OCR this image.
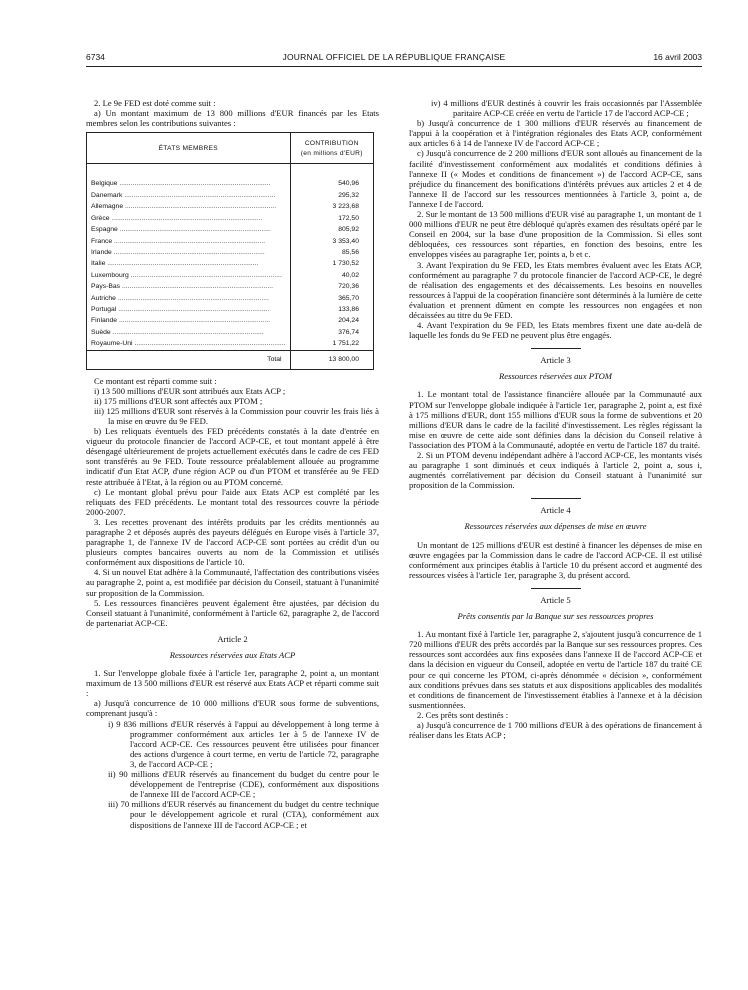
6734	JOURNAL OFFICIEL DE LA RÉPUBLIQUE FRANÇAISE	16 avril 2003

2. Le 9e FED est doté comme suit :

a) Un montant maximum de 13 800 millions d'EUR financés par les Etats membres selon les contributions suivantes :

ÉTATS MEMBRES	CONTRIBUTION
(en millions d'EUR)

Belgique ................................................................................	540,96
Danemark ................................................................................	295,32
Allemagne ................................................................................	3 223,68
Grèce ................................................................................	172,50
Espagne ................................................................................	805,92
France ................................................................................	3 353,40
Irlande ................................................................................	85,56
Italie ................................................................................	1 730,52
Luxembourg ................................................................................	40,02
Pays-Bas ................................................................................	720,36
Autriche ................................................................................	365,70
Portugal ................................................................................	133,86
Finlande ................................................................................	204,24
Suède ................................................................................	376,74
Royaume-Uni ................................................................................	1 751,22
Total	13 800,00

Ce montant est réparti comme suit :

i) 13 500 millions d'EUR sont attribués aux Etats ACP ;

ii) 175 millions d'EUR sont affectés aux PTOM ;

iii) 125 millions d'EUR sont réservés à la Commission pour couvrir les frais liés à la mise en œuvre du 9e FED.

b) Les reliquats éventuels des FED précédents constatés à la date d'entrée en vigueur du protocole financier de l'accord ACP-CE, et tout montant appelé à être désengagé ultérieurement de projets actuellement exécutés dans le cadre de ces FED sont transférés au 9e FED. Toute ressource préalablement allouée au programme indicatif d'un Etat ACP, d'une région ACP ou d'un PTOM et transférée au 9e FED reste attribuée à l'Etat, à la région ou au PTOM concerné.

c) Le montant global prévu pour l'aide aux Etats ACP est complété par les reliquats des FED précédents. Le montant total des ressources couvre la période 2000-2007.

3. Les recettes provenant des intérêts produits par les crédits mentionnés au paragraphe 2 et déposés auprès des payeurs délégués en Europe visés à l'article 37, paragraphe 1, de l'annexe IV de l'accord ACP-CE sont portées au crédit d'un ou plusieurs comptes bancaires ouverts au nom de la Commission et utilisés conformément aux dispositions de l'article 10.

4. Si un nouvel Etat adhère à la Communauté, l'affectation des contributions visées au paragraphe 2, point a, est modifiée par décision du Conseil, statuant à l'unanimité sur proposition de la Commission.

5. Les ressources financières peuvent également être ajustées, par décision du Conseil statuant à l'unanimité, conformément à l'article 62, paragraphe 2, de l'accord de partenariat ACP-CE.

Article 2

Ressources réservées aux Etats ACP

1. Sur l'enveloppe globale fixée à l'article 1er, paragraphe 2, point a, un montant maximum de 13 500 millions d'EUR est réservé aux Etats ACP et réparti comme suit :

a) Jusqu'à concurrence de 10 000 millions d'EUR sous forme de subventions, comprenant jusqu'à :

i) 9 836 millions d'EUR réservés à l'appui au développement à long terme à programmer conformément aux articles 1er à 5 de l'annexe IV de l'accord ACP-CE. Ces ressources peuvent être utilisées pour financer des actions d'urgence à court terme, en vertu de l'article 72, paragraphe 3, de l'accord ACP-CE ;

ii) 90 millions d'EUR réservés au financement du budget du centre pour le développement de l'entreprise (CDE), conformément aux dispositions de l'annexe III de l'accord ACP-CE ;

iii) 70 millions d'EUR réservés au financement du budget du centre technique pour le développement agricole et rural (CTA), conformément aux dispositions de l'annexe III de l'accord ACP-CE ; et

iv) 4 millions d'EUR destinés à couvrir les frais occasionnés par l'Assemblée paritaire ACP-CE créée en vertu de l'article 17 de l'accord ACP-CE ;

b) Jusqu'à concurrence de 1 300 millions d'EUR réservés au financement de l'appui à la coopération et à l'intégration régionales des Etats ACP, conformément aux articles 6 à 14 de l'annexe IV de l'accord ACP-CE ;

c) Jusqu'à concurrence de 2 200 millions d'EUR sont alloués au financement de la facilité d'investissement conformément aux modalités et conditions définies à l'annexe II (« Modes et conditions de financement ») de l'accord ACP-CE, sans préjudice du financement des bonifications d'intérêts prévues aux articles 2 et 4 de l'annexe II de l'accord sur les ressources mentionnées à l'article 3, point a, de l'annexe I de l'accord.

2. Sur le montant de 13 500 millions d'EUR visé au paragraphe 1, un montant de 1 000 millions d'EUR ne peut être débloqué qu'après examen des résultats opéré par le Conseil en 2004, sur la base d'une proposition de la Commission. Si elles sont débloquées, ces ressources sont réparties, en fonction des besoins, entre les enveloppes visées au paragraphe 1er, points a, b et c.

3. Avant l'expiration du 9e FED, les Etats membres évaluent avec les Etats ACP, conformément au paragraphe 7 du protocole financier de l'accord ACP-CE, le degré de réalisation des engagements et des décaissements. Les besoins en nouvelles ressources à l'appui de la coopération financière sont déterminés à la lumière de cette évaluation et prennent dûment en compte les ressources non engagées et non décaissées au titre du 9e FED.

4. Avant l'expiration du 9e FED, les Etats membres fixent une date au-delà de laquelle les fonds du 9e FED ne peuvent plus être engagés.

Article 3

Ressources réservées aux PTOM

1. Le montant total de l'assistance financière allouée par la Communauté aux PTOM sur l'enveloppe globale indiquée à l'article 1er, paragraphe 2, point a, est fixé à 175 millions d'EUR, dont 155 millions d'EUR sous la forme de subventions et 20 millions d'EUR dans le cadre de la facilité d'investissement. Les règles régissant la mise en œuvre de cette aide sont définies dans la décision du Conseil relative à l'association des PTOM à la Communauté, adoptée en vertu de l'article 187 du traité.

2. Si un PTOM devenu indépendant adhère à l'accord ACP-CE, les montants visés au paragraphe 1 sont diminués et ceux indiqués à l'article 2, point a, sous i, augmentés corrélativement par décision du Conseil statuant à l'unanimité sur proposition de la Commission.

Article 4

Ressources réservées aux dépenses de mise en œuvre

Un montant de 125 millions d'EUR est destiné à financer les dépenses de mise en œuvre engagées par la Commission dans le cadre de l'accord ACP-CE. Il est utilisé conformément aux principes établis à l'article 10 du présent accord et augmenté des ressources visées à l'article 1er, paragraphe 3, du présent accord.

Article 5

Prêts consentis par la Banque sur ses ressources propres

1. Au montant fixé à l'article 1er, paragraphe 2, s'ajoutent jusqu'à concurrence de 1 720 millions d'EUR des prêts accordés par la Banque sur ses ressources propres. Ces ressources sont accordées aux fins exposées dans l'annexe II de l'accord ACP-CE et dans la décision en vigueur du Conseil, adoptée en vertu de l'article 187 du traité CE pour ce qui concerne les PTOM, ci-après dénommée « décision », conformément aux conditions prévues dans ses statuts et aux dispositions applicables des modalités et conditions de financement de l'investissement établies à l'annexe et à la décision susmentionnées.

2. Ces prêts sont destinés :

a) Jusqu'à concurrence de 1 700 millions d'EUR à des opérations de financement à réaliser dans les Etats ACP ;
